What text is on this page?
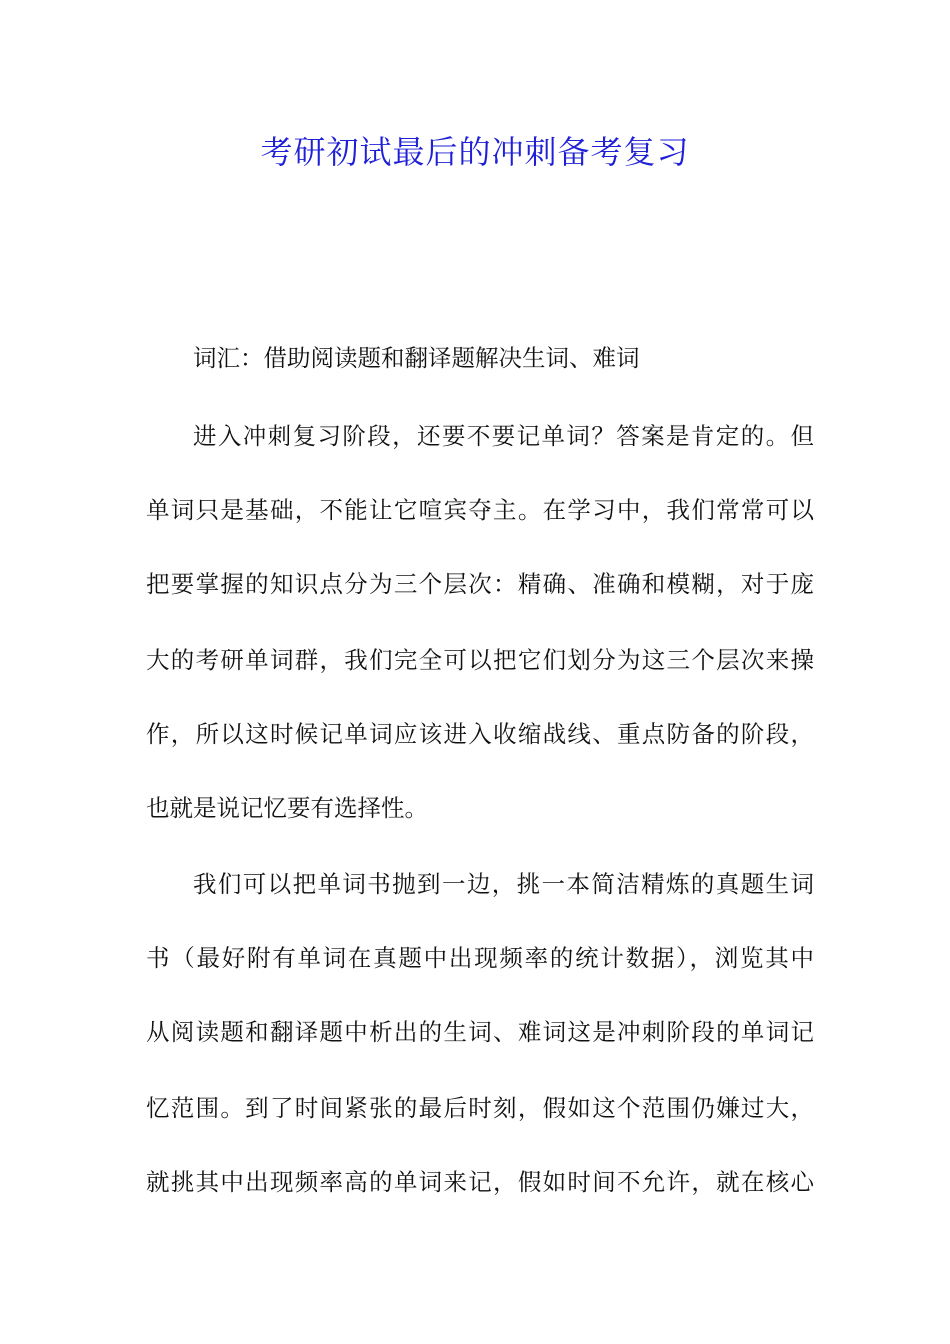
考研初试最后的冲刺备考复习
词汇：借助阅读题和翻译题解决生词、难词
进入冲刺复习阶段，还要不要记单词？答案是肯定的。但
单词只是基础，不能让它喧宾夺主。在学习中，我们常常可以
把要掌握的知识点分为三个层次：精确、准确和模糊，对于庞
大的考研单词群，我们完全可以把它们划分为这三个层次来操
作，所以这时候记单词应该进入收缩战线、重点防备的阶段，
也就是说记忆要有选择性。
我们可以把单词书抛到一边，挑一本简洁精炼的真题生词
书（最好附有单词在真题中出现频率的统计数据），浏览其中
从阅读题和翻译题中析出的生词、难词这是冲刺阶段的单词记
忆范围。到了时间紧张的最后时刻，假如这个范围仍嫌过大，
就挑其中出现频率高的单词来记，假如时间不允许，就在核心
